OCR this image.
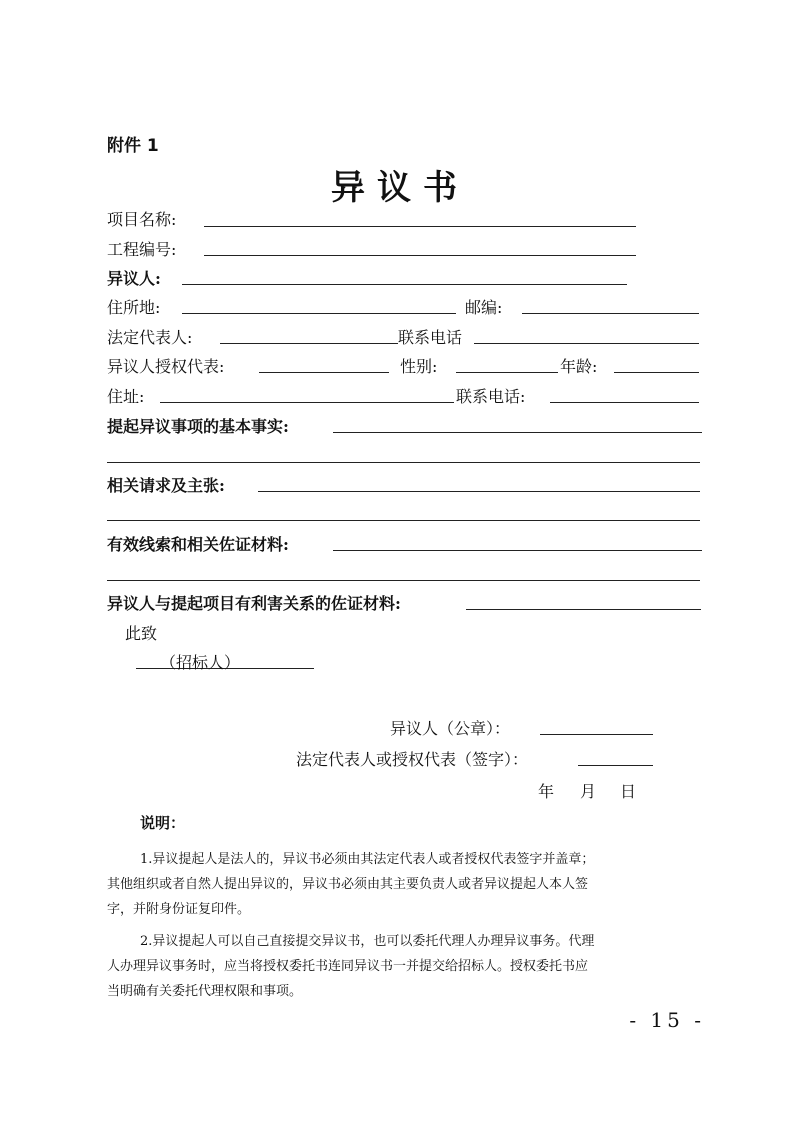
附件 1
异议书
项目名称:
工程编号:
异议人:
住所地:	邮编:
法定代表人:	联系电话
异议人授权代表:	性别:	年龄:
住址:	联系电话:
提起异议事项的基本事实:
相关请求及主张:
有效线索和相关佐证材料:
异议人与提起项目有利害关系的佐证材料:
此致
（招标人）
异议人（公章）：
法定代表人或授权代表（签字）：
年 月 日
说明：
1.异议提起人是法人的，异议书必须由其法定代表人或者授权代表签字并盖章；
其他组织或者自然人提出异议的，异议书必须由其主要负责人或者异议提起人本人签
字，并附身份证复印件。
2.异议提起人可以自己直接提交异议书，也可以委托代理人办理异议事务。代理
人办理异议事务时，应当将授权委托书连同异议书一并提交给招标人。授权委托书应
当明确有关委托代理权限和事项。
- 15 -
